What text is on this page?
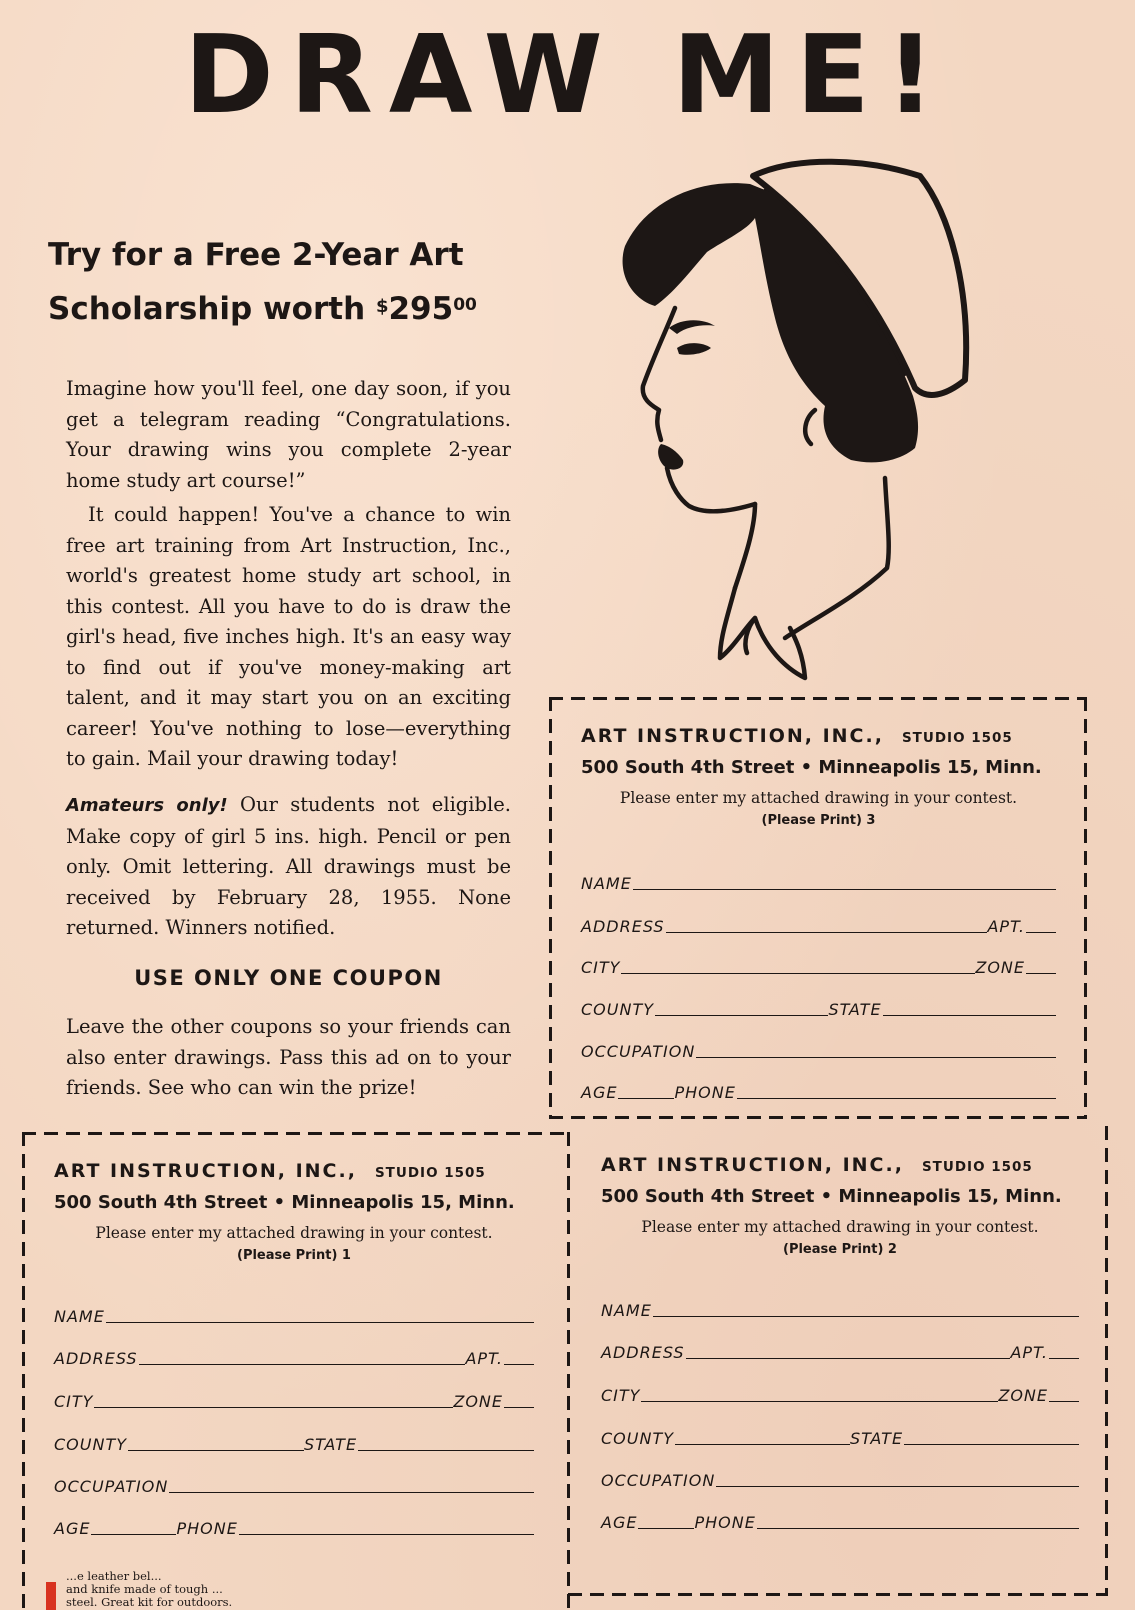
DRAW ME!
Try for a Free 2-Year Art
Scholarship worth $^{\$}295^{00}$

Imagine how you'll feel, one day soon, if you get a telegram reading “Congratulations. Your drawing wins you complete 2-year home study art course!”

It could happen! You've a chance to win free art training from Art Instruction, Inc., world's greatest home study art school, in this contest. All you have to do is draw the girl's head, five inches high. It's an easy way to find out if you've money-making art talent, and it may start you on an exciting career! You've nothing to lose—everything to gain. Mail your drawing today!

Amateurs only! Our students not eligible. Make copy of girl 5 ins. high. Pencil or pen only. Omit lettering. All drawings must be received by February 28, 1955. None returned. Winners notified.

USE ONLY ONE COUPON

Leave the other coupons so your friends can also enter drawings. Pass this ad on to your friends. See who can win the prize!

ART INSTRUCTION, INC., STUDIO 1505
500 South 4th Street • Minneapolis 15, Minn.
Please enter my attached drawing in your contest.
(Please Print) 3
NAME
ADDRESS	APT.
CITY	ZONE
COUNTY	STATE
OCCUPATION
AGE	PHONE
ART INSTRUCTION, INC., STUDIO 1505
500 South 4th Street • Minneapolis 15, Minn.
Please enter my attached drawing in your contest.
(Please Print) 1
NAME
ADDRESS	APT.
CITY	ZONE
COUNTY	STATE
OCCUPATION
AGE	PHONE
ART INSTRUCTION, INC., STUDIO 1505
500 South 4th Street • Minneapolis 15, Minn.
Please enter my attached drawing in your contest.
(Please Print) 2
NAME
ADDRESS	APT.
CITY	ZONE
COUNTY	STATE
OCCUPATION
AGE	PHONE
...e leather bel...
and knife made of tough ...
steel. Great kit for outdoors.
